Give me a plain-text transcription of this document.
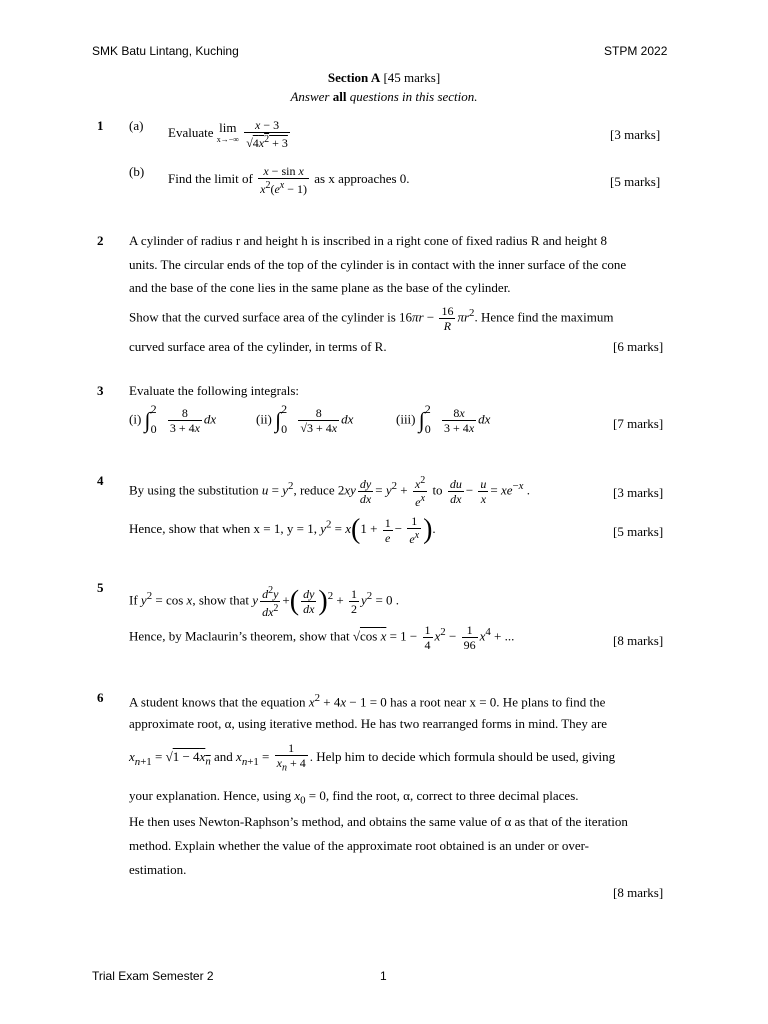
SMK Batu Lintang, Kuching	STPM 2022
Section A [45 marks]
Answer all questions in this section.
1 (a) Evaluate lim
x→−∞
$\frac{x - 3}{√4x^2 + 3}$	[3 marks]
(b) Find the limit of $\frac{\text{x − sin x}}{x^2(e^x - 1)}$ as x approaches 0.	[5 marks]
2 A cylinder of radius r and height h is inscribed in a right cone of fixed radius R and height 8
units. The circular ends of the top of the cylinder is in contact with the inner surface of the cone
and the base of the cone lies in the same plane as the base of the cylinder.
Show that the curved surface area of the cylinder is $16\pi r - \frac{16}{R} \pi r^2$. Hence find the maximum
curved surface area of the cylinder, in terms of R.	[6 marks]
3 Evaluate the following integrals:
(i) $\int 20 \frac{8}{3 + 4x}$ dx	(ii) $\int 20 \frac{8}{√3 + 4x}$ dx	(iii) $\int 20 \frac{8x}{3 + 4x}$ dx	[7 marks]
4
By using the substitution $u = y^2$, reduce $2xy \frac{dy}{dx} = y^2 + \frac{x^2}{e^x}$ to $\frac{du}{dx} - \frac{u}{x} = xe^{-x}$ .	[3 marks]
Hence, show that when x = 1, y = 1, $y^2 = x(1 + \frac{1}{e} - \frac{1}{e^x}$ ).	[5 marks]
5
If $y^2 = \cos x$, show that y $\frac{d^2y}{dx^2}$ +( $\frac{dy}{dx} )^2 + \frac{1}{2} y^2 = 0$ .
Hence, by Maclaurin’s theorem, show that √cos $x = 1 - \frac{1}{4} x^2 - \frac{1}{96} x^4$ + ...	[8 marks]
6 A student knows that the equation $x^2 + 4x - 1 = 0$ has a root near x = 0. He plans to find the
approximate root, α, using iterative method. He has two rearranged forms in mind. They are
$x_{n+1} = √1 - 4x_n$ and $x_{n+1} = \frac{1}{x_n + 4}$ . Help him to decide which formula should be used, giving
your explanation. Hence, using $x_0 = 0$, find the root, α, correct to three decimal places.
He then uses Newton-Raphson’s method, and obtains the same value of α as that of the iteration
method. Explain whether the value of the approximate root obtained is an under or over-
estimation.
[8 marks]
Trial Exam Semester 2	1
